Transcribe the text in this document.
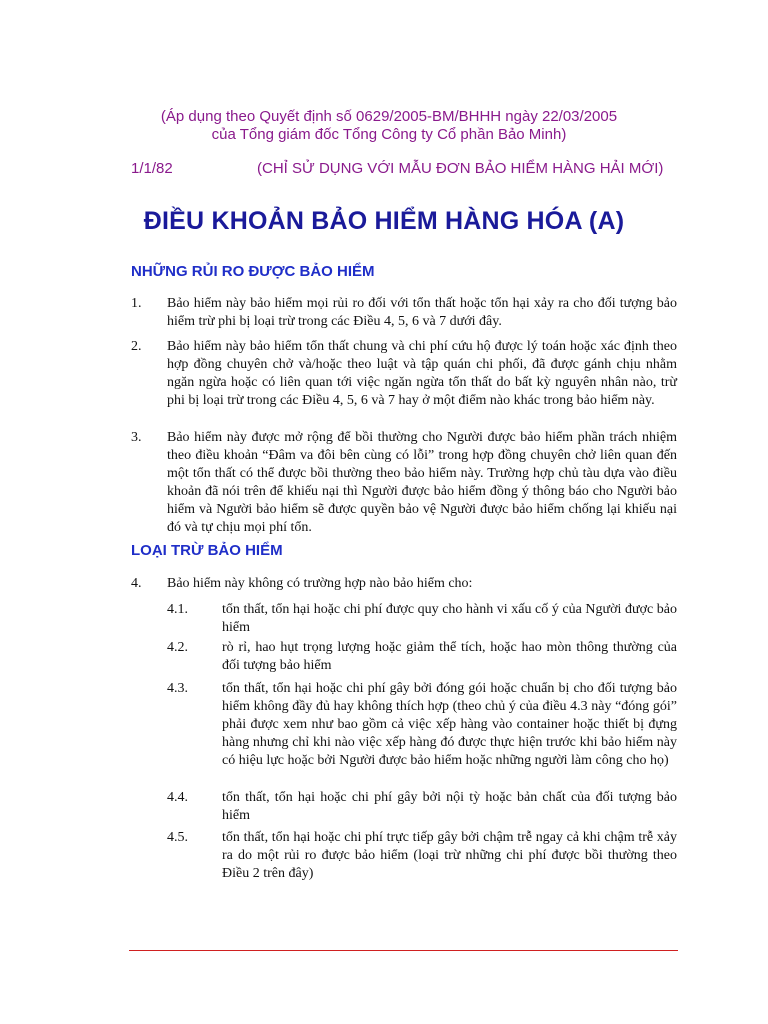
(Áp dụng theo Quyết định số 0629/2005-BM/BHHH ngày 22/03/2005
của Tổng giám đốc Tổng Công ty Cổ phần Bảo Minh)
1/1/82	(CHỈ SỬ DỤNG VỚI MẪU ĐƠN BẢO HIỂM HÀNG HẢI MỚI)
ĐIỀU KHOẢN BẢO HIỂM HÀNG HÓA (A)
NHỮNG RỦI RO ĐƯỢC BẢO HIỂM
1. Bảo hiểm này bảo hiểm mọi rủi ro đối với tổn thất hoặc tổn hại xảy ra cho đối tượng bảo hiểm trừ phi bị loại trừ trong các Điều 4, 5, 6 và 7 dưới đây.
2. Bảo hiểm này bảo hiểm tổn thất chung và chi phí cứu hộ được lý toán hoặc xác định theo hợp đồng chuyên chở và/hoặc theo luật và tập quán chi phối, đã được gánh chịu nhằm ngăn ngừa hoặc có liên quan tới việc ngăn ngừa tổn thất do bất kỳ nguyên nhân nào, trừ phi bị loại trừ trong các Điều 4, 5, 6 và 7 hay ở một điểm nào khác trong bảo hiểm này.
3. Bảo hiểm này được mở rộng để bồi thường cho Người được bảo hiểm phần trách nhiệm theo điều khoản “Đâm va đôi bên cùng có lỗi” trong hợp đồng chuyên chở liên quan đến một tổn thất có thể được bồi thường theo bảo hiểm này. Trường hợp chủ tàu dựa vào điều khoản đã nói trên để khiếu nại thì Người được bảo hiểm đồng ý thông báo cho Người bảo hiểm và Người bảo hiểm sẽ được quyền bảo vệ Người được bảo hiểm chống lại khiếu nại đó và tự chịu mọi phí tổn.
LOẠI TRỪ BẢO HIỂM
4. Bảo hiểm này không có trường hợp nào bảo hiểm cho:
4.1. tổn thất, tổn hại hoặc chi phí được quy cho hành vi xấu cố ý của Người được bảo hiểm
4.2. rò rỉ, hao hụt trọng lượng hoặc giảm thể tích, hoặc hao mòn thông thường của đối tượng bảo hiểm
4.3. tổn thất, tổn hại hoặc chi phí gây bởi đóng gói hoặc chuẩn bị cho đối tượng bảo hiểm không đầy đủ hay không thích hợp (theo chủ ý của điều 4.3 này “đóng gói” phải được xem như bao gồm cả việc xếp hàng vào container hoặc thiết bị đựng hàng nhưng chỉ khi nào việc xếp hàng đó được thực hiện trước khi bảo hiểm này có hiệu lực hoặc bởi Người được bảo hiểm hoặc những người làm công cho họ)
4.4. tổn thất, tổn hại hoặc chi phí gây bởi nội tỳ hoặc bản chất của đối tượng bảo hiểm
4.5. tổn thất, tổn hại hoặc chi phí trực tiếp gây bởi chậm trễ ngay cả khi chậm trễ xảy ra do một rủi ro được bảo hiểm (loại trừ những chi phí được bồi thường theo Điều 2 trên đây)
